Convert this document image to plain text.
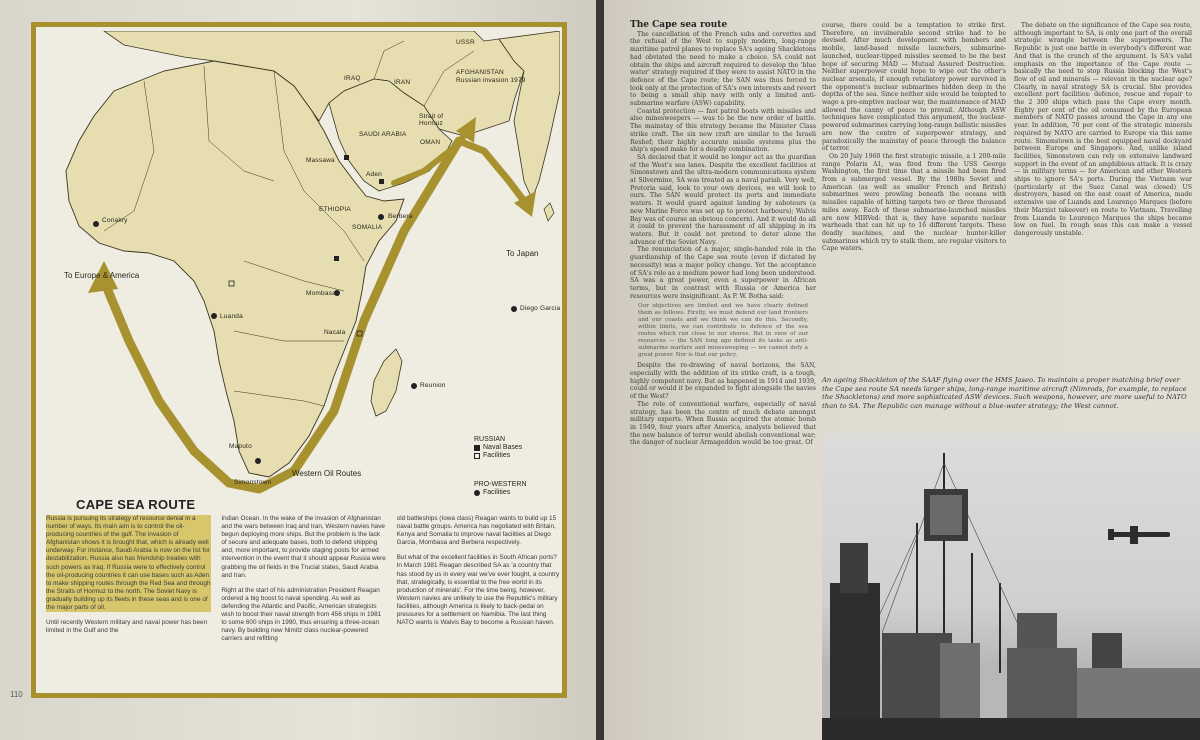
USSR
IRAQ
IRAN
AFGHANISTAN
Russian invasion 1979
Strait of Hormuz
SAUDI ARABIA
OMAN
Massawa
Aden
ETHIOPIA
SOMALIA
Berbera
Mombasa
Luanda
Nacala
Maputo
Simonstown
Diego Garcia
Reunion
Conakry
To Japan
To Europe & America
Western Oil Routes
RUSSIAN
Naval Bases
Facilities
PRO-WESTERN
Facilities
CAPE SEA ROUTE

Russia is pursuing its strategy of resource denial in a number of ways. Its main aim is to control the oil-producing countries of the gulf. The invasion of Afghanistan shows it is brought that, which is already well underway. For instance, Saudi Arabia is now on the list for destabilization. Russia also has friendship treaties with such powers as Iraq. If Russia were to effectively control the oil-producing countries it can use bases such as Aden to make shipping routes through the Red Sea and through the Straits of Hormuz to the north. The Soviet Navy is gradually building up its fleets in these seas and is one of the major parts of oil.

Until recently Western military and naval power has been limited in the Gulf and the

Indian Ocean. In the wake of the invasion of Afghanistan and the wars between Iraq and Iran, Western navies have begun deploying more ships. But the problem is the lack of secure and adequate bases, both to defend shipping and, more important, to provide staging posts for armed intervention in the event that it should appear Russia were grabbing the oil fields in the Trucial states, Saudi Arabia and Iran.

Right at the start of his administration President Reagan ordered a big boost to naval spending. As well as defending the Atlantic and Pacific, American strategists wish to boost their naval strength from 456 ships in 1981 to some 600 ships in 1990, thus ensuring a three-ocean navy. By building new Nimitz class nuclear-powered carriers and refitting

old battleships (Iowa class) Reagan wants to build up 15 naval battle groups. America has negotiated with Britain, Kenya and Somalia to improve naval facilities at Diego Garcia, Mombasa and Berbera respectively.

But what of the excellent facilities in South African ports? In March 1981 Reagan described SA as 'a country that has stood by us in every war we've ever fought, a country that, strategically, is essential to the free world in its production of minerals'. For the time being, however, Western navies are unlikely to use the Republic's military facilities, although America is likely to back-pedal on pressures for a settlement on Namibia. The last thing NATO wants is Walvis Bay to become a Russian haven.

110
The Cape sea route

The cancellation of the French subs and corvettes and the refusal of the West to supply modern, long-range maritime patrol planes to replace SA's ageing Shackletons had obviated the need to make a choice. SA could not obtain the ships and aircraft required to develop the 'blue water' strategy required if they were to assist NATO in the defence of the Cape route; the SAN was thus forced to look only at the protection of SA's own interests and revert to being a small ship navy with only a limited anti-submarine warfare (ASW) capability.

Coastal protection — fast patrol boats with missiles and also minesweepers — was to be the new order of battle. The mainstay of this strategy became the Minister Class strike craft. The six new craft are similar to the Israeli Reshef; their highly accurate missile systems plus the ship's speed make for a deadly combination.

SA declared that it would no longer act as the guardian of the West's sea lanes. Despite the excellent facilities at Simonstown and the ultra-modern communications system at Silvermine, SA was treated as a naval pariah. Very well, Pretoria said, look to your own devices, we will look to ours. The SAN would protect its ports and immediate waters. It would guard against landing by saboteurs (a new Marine Force was set up to protect harbours); Walvis Bay was of course an obvious concern). And it would do all it could to prevent the harassment of all shipping in its waters. But it could not pretend to deter alone the advance of the Soviet Navy.

The renunciation of a major, single-handed role in the guardianship of the Cape sea route (even if dictated by necessity) was a major policy change. Yet the acceptance of SA's role as a medium power had long been understood. SA was a great power, even a superpower in African terms, but in contrast with Russia or America her resources were insignificant. As P. W. Botha said:

Our objectives are limited and we have clearly defined them as follows. Firstly, we must defend our land frontiers and our coasts and we think we can do this. Secondly, within limits, we can contribute to defence of the sea routes which run close to our shores. But in view of our resources — the SAN long ago defined its tasks as anti-submarine warfare and minesweeping — we cannot defy a great power. Nor is that our policy.

Despite the re-drawing of naval horizons, the SAN, especially with the addition of its strike craft, is a tough, highly competent navy. But as happened in 1914 and 1939, could or would it be expanded to fight alongside the navies of the West?

The role of conventional warfare, especially of naval strategy, has been the centre of much debate amongst military experts. When Russia acquired the atomic bomb in 1949, four years after America, analysts believed that the new balance of terror would abolish conventional war; the danger of nuclear Armageddon would be too great. Of

course, there could be a temptation to strike first. Therefore, an invulnerable second strike had to be devised. After much development with bombers and mobile, land-based missile launchers, submarine-launched, nuclear-tipped missiles seemed to be the best hope of securing MAD — Mutual Assured Destruction. Neither superpower could hope to wipe out the other's nuclear arsenals, if enough retaliatory power survived in the opponent's nuclear submarines hidden deep in the depths of the sea. Since neither side would be tempted to wage a pre-emptive nuclear war, the maintenance of MAD allowed the canny of peace to prevail. Although ASW techniques have complicated this argument, the nuclear-powered submarines carrying long-range ballistic missiles are now the centre of superpower strategy, and paradoxically the mainstay of peace through the balance of terror.

On 20 July 1960 the first strategic missile, a 1 200-mile range Polaris A1, was fired from the USS George Washington, the first time that a missile had been fired from a submerged vessel. By the 1980s Soviet and American (as well as smaller French and British) submarines were prowling beneath the oceans with missiles capable of hitting targets two or three thousand miles away. Each of these submarine-launched missiles are now MIRVed: that is, they have separate nuclear warheads that can hit up to 16 different targets. These deadly machines, and the nuclear hunter-killer submarines which try to stalk them, are regular visitors to Cape waters.

The debate on the significance of the Cape sea route, although important to SA, is only one part of the overall strategic wrangle between the superpowers. The Republic is just one battle in everybody's different war. And that is the crunch of the argument. Is SA's valid emphasis on the importance of the Cape route — basically the need to stop Russia blocking the West's flow of oil and minerals — relevant in the nuclear age? Clearly, in naval strategy SA is crucial. She provides excellent port facilities: defence, rescue and repair to the 2 300 ships which pass the Cape every month. Eighty per cent of the oil consumed by the European members of NATO passes around the Cape in any one year. In addition, 70 per cent of the strategic minerals required by NATO are carried to Europe via this same route. Simonstown is the best equipped naval dockyard between Europe and Singapore. And, unlike island facilities, Simonstown can rely on extensive landward support in the event of an amphibious attack. It is crazy — in military terms — for American and other Western ships to ignore SA's ports. During the Vietnam war (particularly at the Suez Canal was closed) US destroyers, based on the east coast of America, made extensive use of Luanda and Lourenço Marques (before their Marxist takeover) en route to Vietnam. Travelling from Luanda to Lourenço Marques the ships became low on fuel. In rough seas this can make a vessel dangerously unstable.

An ageing Shackleton of the SAAF flying over the HMS Jaseo. To maintain a proper matching brief over the Cape sea route SA needs larger ships, long-range maritime aircraft (Nimrods, for example, to replace the Shackletons) and more sophisticated ASW devices. Such weapons, however, are more useful to NATO than to SA. The Republic can manage without a blue-water strategy; the West cannot.
